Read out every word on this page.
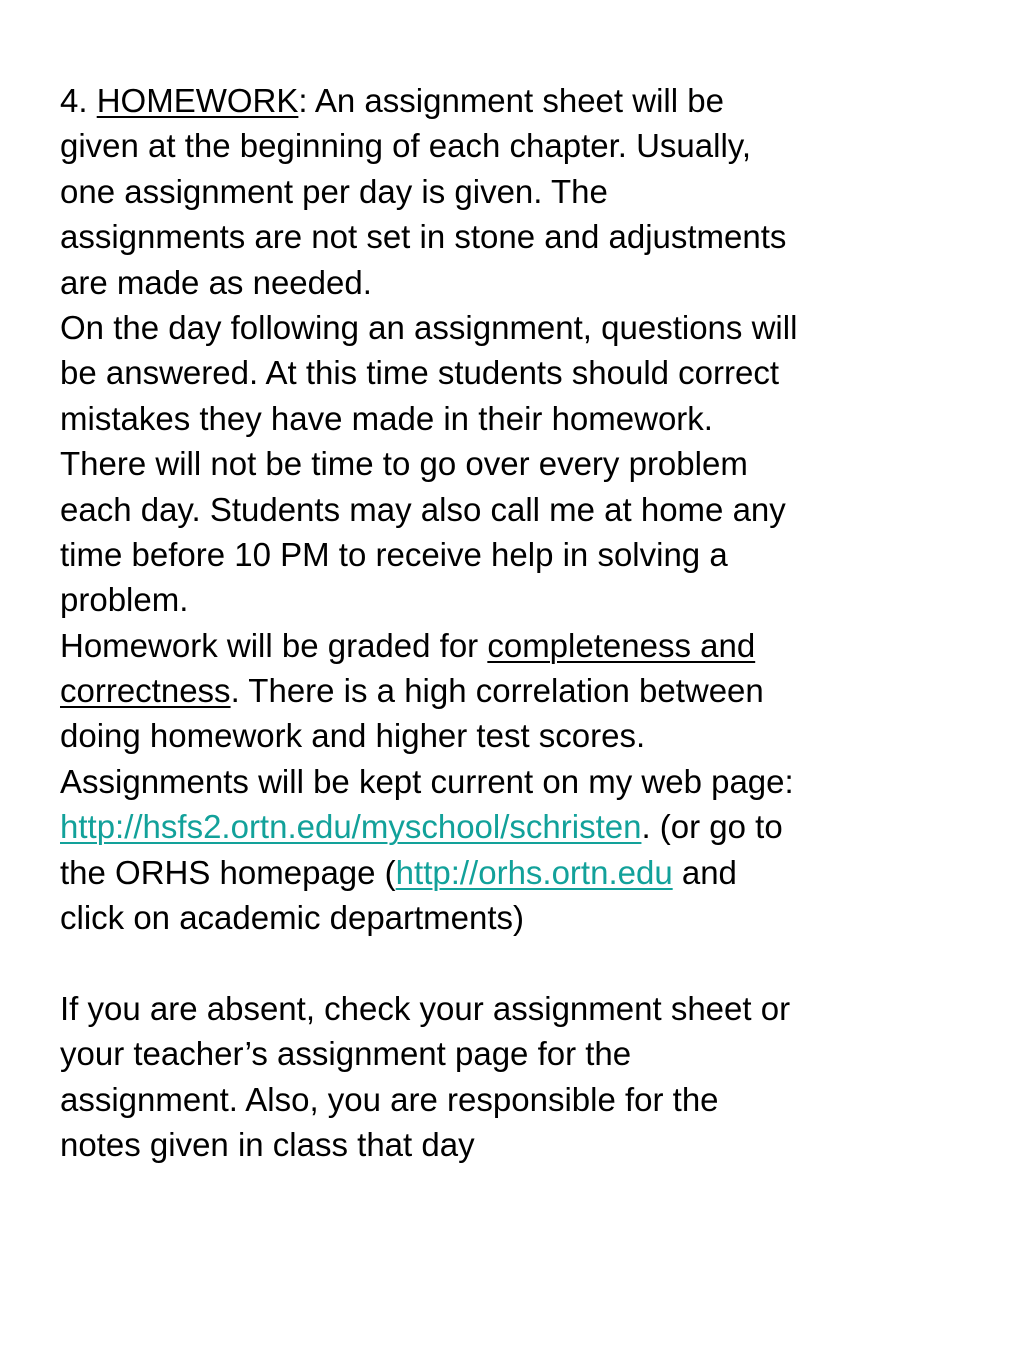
4. HOMEWORK: An assignment sheet will be
given at the beginning of each chapter. Usually,
one assignment per day is given. The
assignments are not set in stone and adjustments
are made as needed.
On the day following an assignment, questions will
be answered. At this time students should correct
mistakes they have made in their homework.
There will not be time to go over every problem
each day. Students may also call me at home any
time before 10 PM to receive help in solving a
problem.
Homework will be graded for completeness and
correctness. There is a high correlation between
doing homework and higher test scores.
Assignments will be kept current on my web page:
http://hsfs2.ortn.edu/myschool/schristen. (or go to
the ORHS homepage (http://orhs.ortn.edu and
click on academic departments)
If you are absent, check your assignment sheet or
your teacher’s assignment page for the
assignment. Also, you are responsible for the
notes given in class that day
